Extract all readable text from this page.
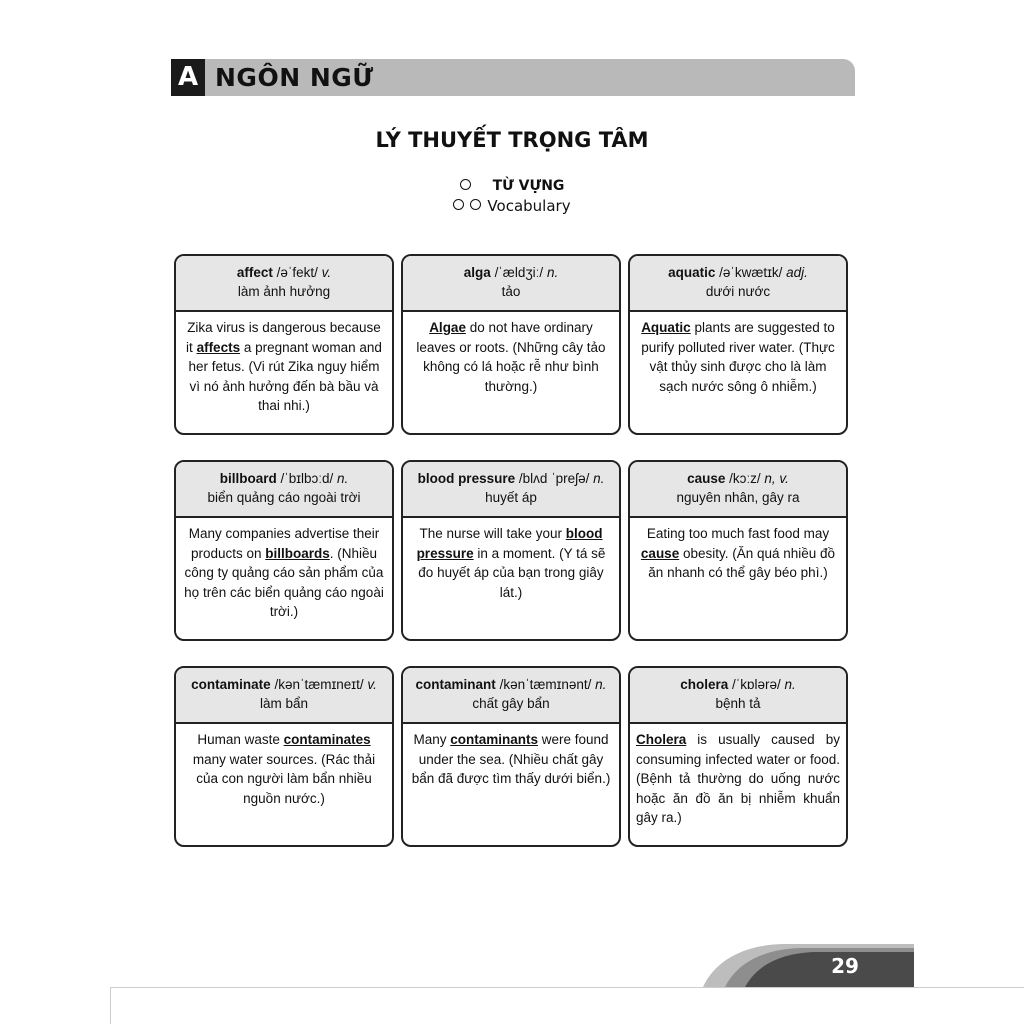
A NGÔN NGỮ
LÝ THUYẾT TRỌNG TÂM
TỪ VỰNG
Vocabulary
affect /əˈfekt/ v.
làm ảnh hưởng
Zika virus is dangerous because it affects a pregnant woman and her fetus. (Vi rút Zika nguy hiểm vì nó ảnh hưởng đến bà bầu và thai nhi.)
alga /ˈældʒiː/ n.
tảo
Algae do not have ordinary leaves or roots. (Những cây tảo không có lá hoặc rễ như bình thường.)
aquatic /əˈkwætɪk/ adj.
dưới nước
Aquatic plants are suggested to purify polluted river water. (Thực vật thủy sinh được cho là làm sạch nước sông ô nhiễm.)
billboard /ˈbɪlbɔːd/ n.
biển quảng cáo ngoài trời
Many companies advertise their products on billboards. (Nhiều công ty quảng cáo sản phẩm của họ trên các biển quảng cáo ngoài trời.)
blood pressure /blʌd ˈpreʃə/ n.
huyết áp
The nurse will take your blood pressure in a moment. (Y tá sẽ đo huyết áp của bạn trong giây lát.)
cause /kɔːz/ n, v.
nguyên nhân, gây ra
Eating too much fast food may cause obesity. (Ăn quá nhiều đồ ăn nhanh có thể gây béo phì.)
contaminate /kənˈtæmɪneɪt/ v.
làm bẩn
Human waste contaminates many water sources. (Rác thải của con người làm bẩn nhiều nguồn nước.)
contaminant /kənˈtæmɪnənt/ n.
chất gây bẩn
Many contaminants were found under the sea. (Nhiều chất gây bẩn đã được tìm thấy dưới biển.)
cholera /ˈkɒlərə/ n.
bệnh tả
Cholera is usually caused by consuming infected water or food. (Bệnh tả thường do uống nước hoặc ăn đồ ăn bị nhiễm khuẩn gây ra.)
29
